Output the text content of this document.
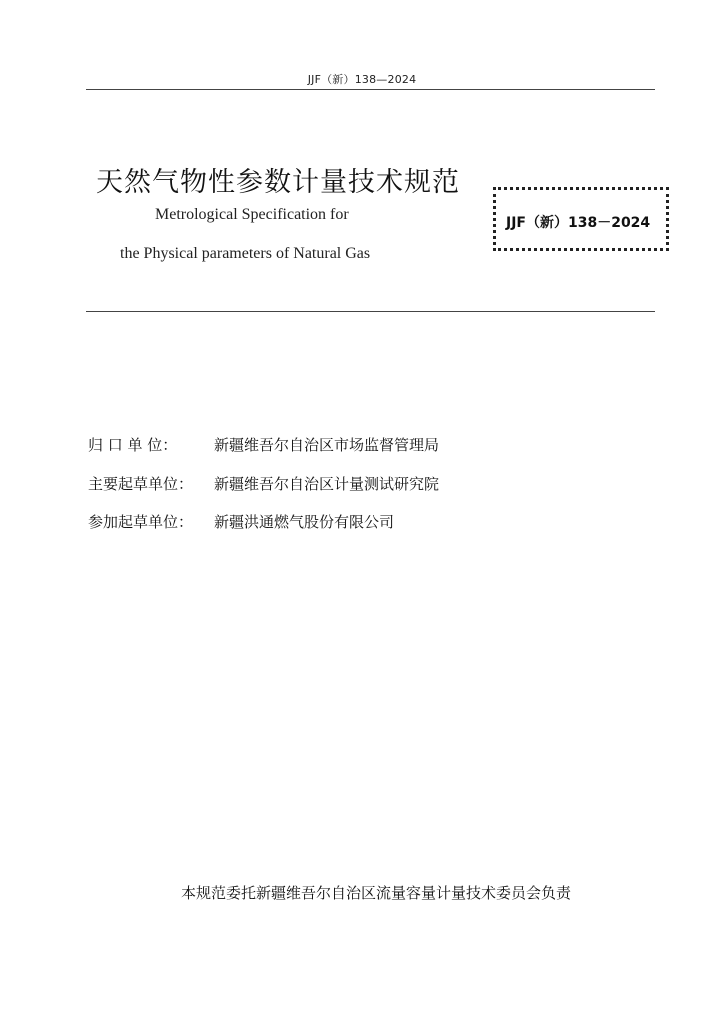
JJF（新）138—2024
天然气物性参数计量技术规范
Metrological Specification for
the Physical parameters of Natural Gas
JJF（新）138－2024
归 口 单 位： 新疆维吾尔自治区市场监督管理局
主要起草单位： 新疆维吾尔自治区计量测试研究院
参加起草单位： 新疆洪通燃气股份有限公司
本规范委托新疆维吾尔自治区流量容量计量技术委员会负责
